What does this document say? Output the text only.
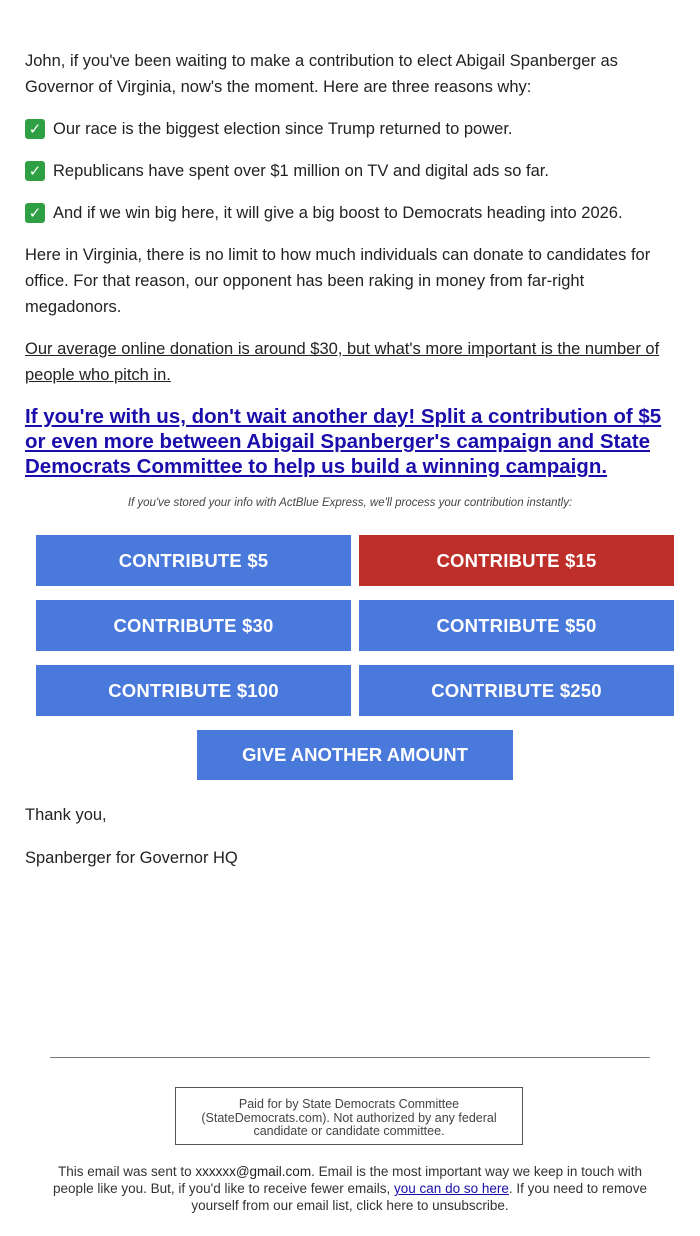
John, if you've been waiting to make a contribution to elect Abigail Spanberger as Governor of Virginia, now's the moment. Here are three reasons why:

✓ Our race is the biggest election since Trump returned to power.
✓ Republicans have spent over $1 million on TV and digital ads so far.
✓ And if we win big here, it will give a big boost to Democrats heading into 2026.

Here in Virginia, there is no limit to how much individuals can donate to candidates for office. For that reason, our opponent has been raking in money from far-right megadonors.

Our average online donation is around $30, but what's more important is the number of people who pitch in.

If you're with us, don't wait another day! Split a contribution of $5 or even more between Abigail Spanberger's campaign and State Democrats Committee to help us build a winning campaign.

If you've stored your info with ActBlue Express, we'll process your contribution instantly:

CONTRIBUTE $5	CONTRIBUTE $15
CONTRIBUTE $30	CONTRIBUTE $50
CONTRIBUTE $100	CONTRIBUTE $250
GIVE ANOTHER AMOUNT
Thank you,
Spanberger for Governor HQ
Paid for by State Democrats Committee (StateDemocrats.com). Not authorized by any federal candidate or candidate committee.
This email was sent to xxxxxx@gmail.com. Email is the most important way we keep in touch with people like you. But, if you'd like to receive fewer emails, you can do so here. If you need to remove yourself from our email list, click here to unsubscribe.
